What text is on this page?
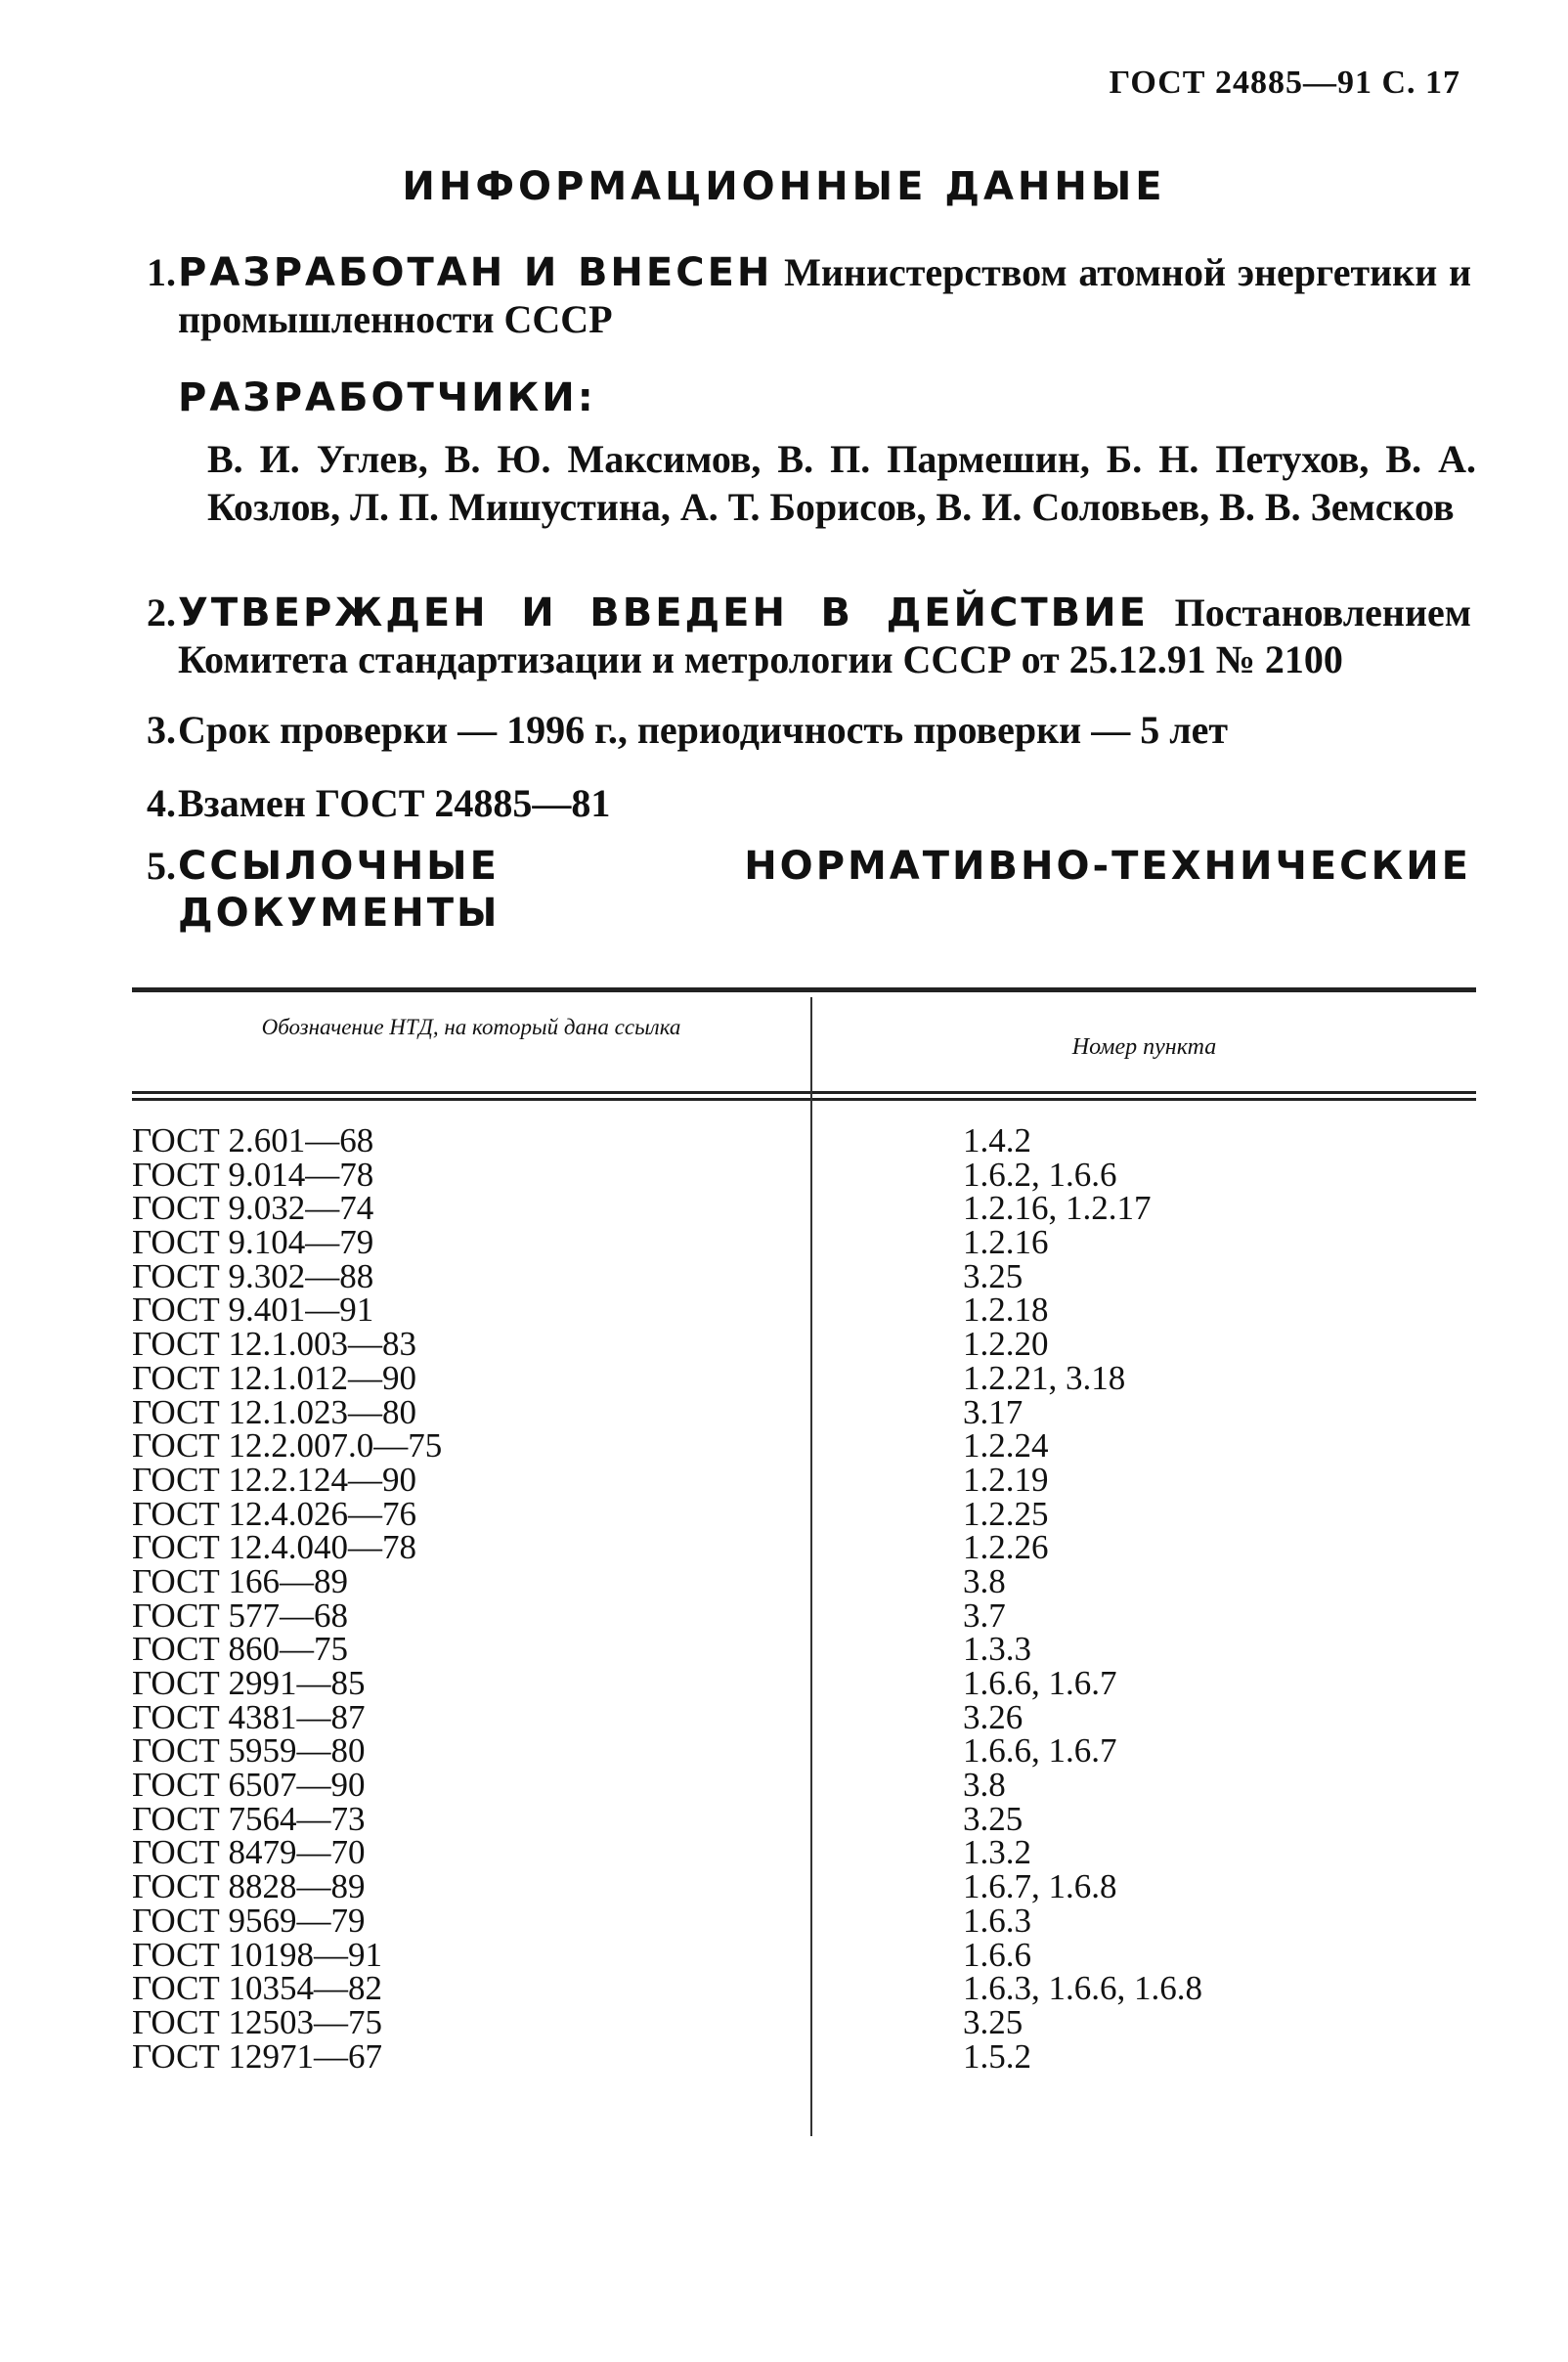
ГОСТ 24885—91 С. 17
ИНФОРМАЦИОННЫЕ ДАННЫЕ
1. РАЗРАБОТАН И ВНЕСЕН Министерством атомной энергетики и промышленности СССР
РАЗРАБОТЧИКИ:
В. И. Углев, В. Ю. Максимов, В. П. Пармешин, Б. Н. Петухов, В. А. Козлов, Л. П. Мишустина, А. Т. Борисов, В. И. Соловьев, В. В. Земсков
2. УТВЕРЖДЕН И ВВЕДЕН В ДЕЙСТВИЕ Постановлением Комитета стандартизации и метрологии СССР от 25.12.91 № 2100
3. Срок проверки — 1996 г., периодичность проверки — 5 лет
4. Взамен ГОСТ 24885—81
5. ССЫЛОЧНЫЕ НОРМАТИВНО-ТЕХНИЧЕСКИЕ ДОКУМЕНТЫ
Обозначение НТД, на который дана ссылка
Номер пункта
ГОСТ 2.601—68	1.4.2
ГОСТ 9.014—78	1.6.2, 1.6.6
ГОСТ 9.032—74	1.2.16, 1.2.17
ГОСТ 9.104—79	1.2.16
ГОСТ 9.302—88	3.25
ГОСТ 9.401—91	1.2.18
ГОСТ 12.1.003—83	1.2.20
ГОСТ 12.1.012—90	1.2.21, 3.18
ГОСТ 12.1.023—80	3.17
ГОСТ 12.2.007.0—75	1.2.24
ГОСТ 12.2.124—90	1.2.19
ГОСТ 12.4.026—76	1.2.25
ГОСТ 12.4.040—78	1.2.26
ГОСТ 166—89	3.8
ГОСТ 577—68	3.7
ГОСТ 860—75	1.3.3
ГОСТ 2991—85	1.6.6, 1.6.7
ГОСТ 4381—87	3.26
ГОСТ 5959—80	1.6.6, 1.6.7
ГОСТ 6507—90	3.8
ГОСТ 7564—73	3.25
ГОСТ 8479—70	1.3.2
ГОСТ 8828—89	1.6.7, 1.6.8
ГОСТ 9569—79	1.6.3
ГОСТ 10198—91	1.6.6
ГОСТ 10354—82	1.6.3, 1.6.6, 1.6.8
ГОСТ 12503—75	3.25
ГОСТ 12971—67	1.5.2
